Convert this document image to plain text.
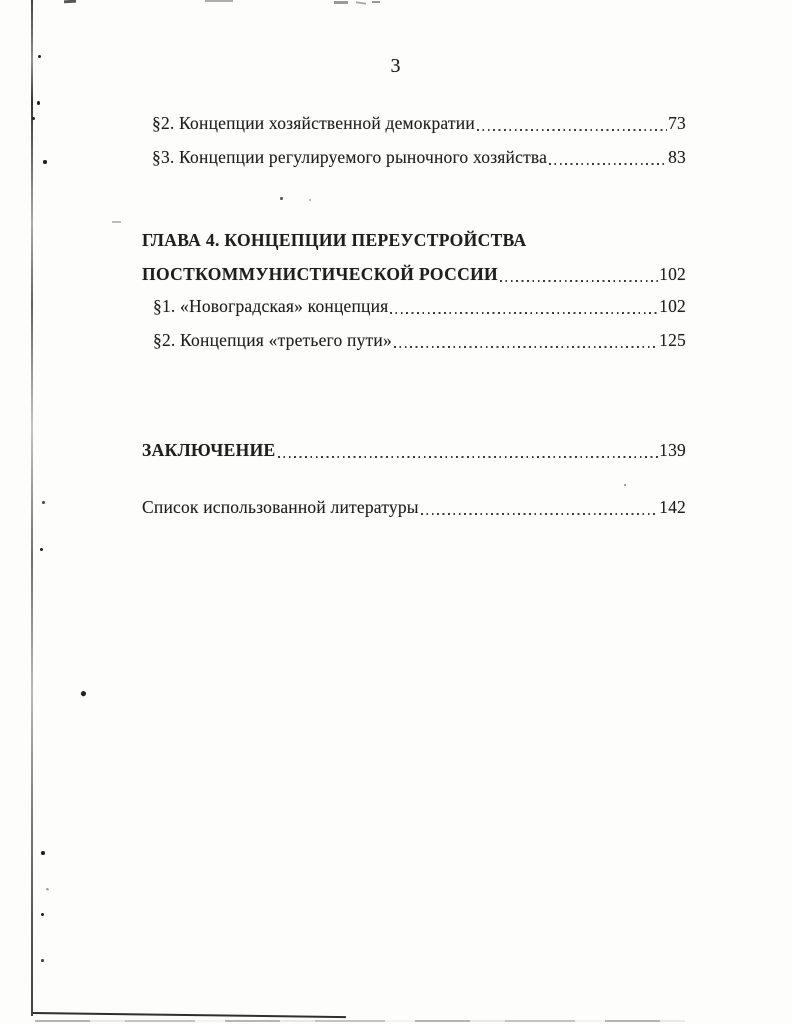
3
§2. Концепции хозяйственной демократии	73
§3. Концепции регулируемого рыночного хозяйства	83
ГЛАВА 4. КОНЦЕПЦИИ ПЕРЕУСТРОЙСТВА
ПОСТКОММУНИСТИЧЕСКОЙ РОССИИ	102
§1. «Новоградская» концепция	102
§2. Концепция «третьего пути»	125
ЗАКЛЮЧЕНИЕ	139
Список использованной литературы	142
